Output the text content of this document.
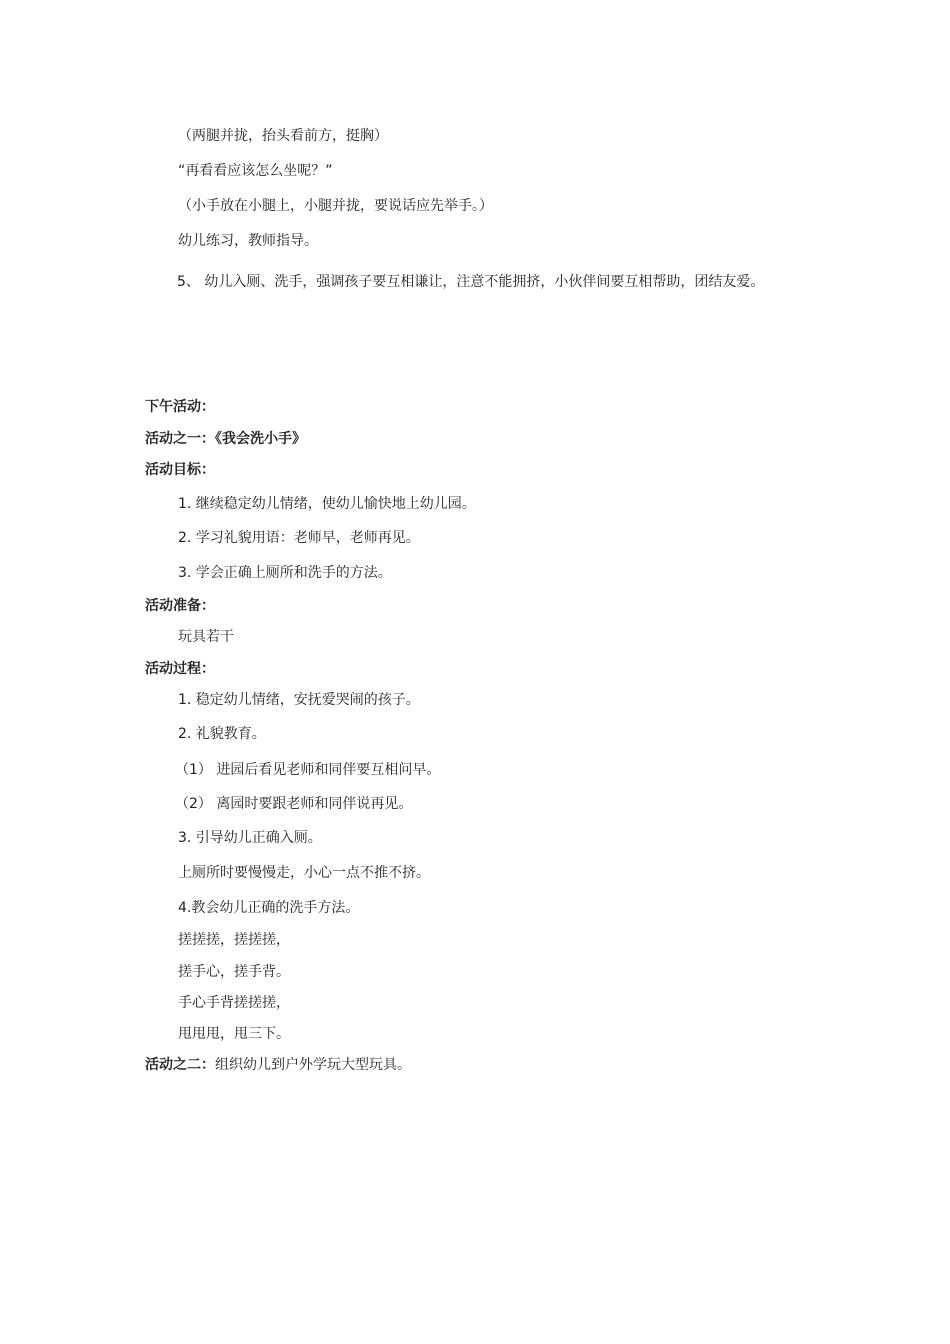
（两腿并拢，抬头看前方，挺胸）
“再看看应该怎么坐呢？”
（小手放在小腿上，小腿并拢，要说话应先举手。）
幼儿练习，教师指导。
5、 幼儿入厕、洗手，强调孩子要互相谦让，注意不能拥挤，小伙伴间要互相帮助，团结友爱。
下午活动：
活动之一：《我会洗小手》
活动目标：
1. 继续稳定幼儿情绪，使幼儿愉快地上幼儿园。
2. 学习礼貌用语：老师早，老师再见。
3. 学会正确上厕所和洗手的方法。
活动准备：
玩具若干
活动过程：
1. 稳定幼儿情绪，安抚爱哭闹的孩子。
2. 礼貌教育。
（1） 进园后看见老师和同伴要互相问早。
（2） 离园时要跟老师和同伴说再见。
3. 引导幼儿正确入厕。
上厕所时要慢慢走，小心一点不推不挤。
4.教会幼儿正确的洗手方法。
搓搓搓，搓搓搓，
搓手心，搓手背。
手心手背搓搓搓，
甩甩甩，甩三下。
活动之二：组织幼儿到户外学玩大型玩具。
